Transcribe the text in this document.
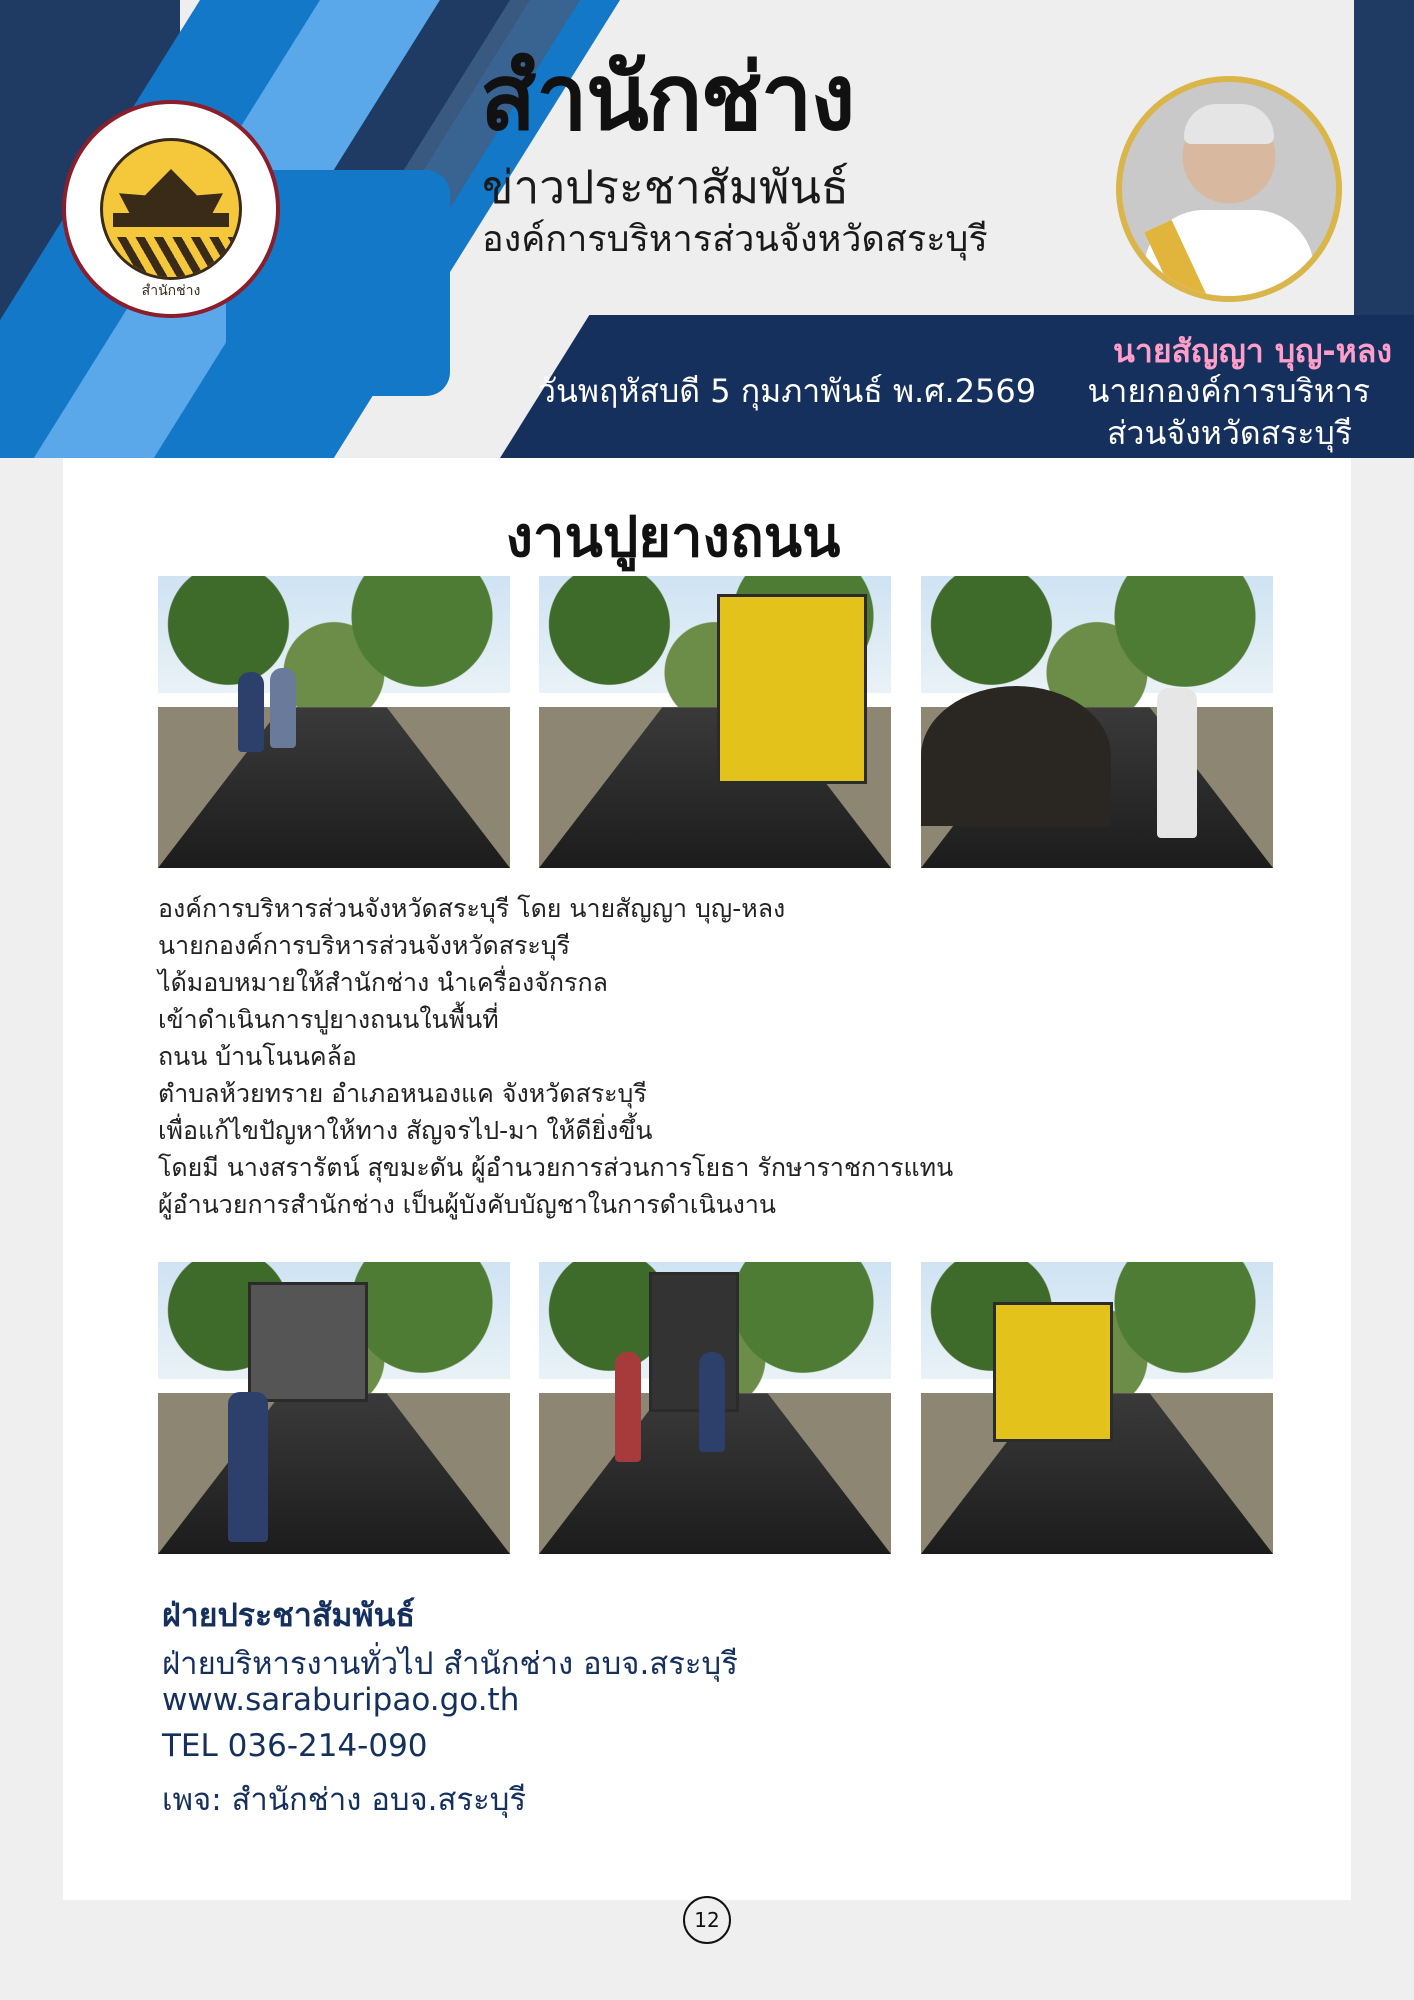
สำนักช่าง
สำนักช่าง
ข่าวประชาสัมพันธ์
องค์การบริหารส่วนจังหวัดสระบุรี
วันพฤหัสบดี 5 กุมภาพันธ์ พ.ศ.2569
นายสัญญา บุญ-หลง
นายกองค์การบริหาร
ส่วนจังหวัดสระบุรี
งานปูยางถนน
องค์การบริหารส่วนจังหวัดสระบุรี โดย นายสัญญา บุญ-หลง
นายกองค์การบริหารส่วนจังหวัดสระบุรี
ได้มอบหมายให้สำนักช่าง นำเครื่องจักรกล
เข้าดำเนินการปูยางถนนในพื้นที่
ถนน บ้านโนนคล้อ
ตำบลห้วยทราย อำเภอหนองแค จังหวัดสระบุรี
เพื่อแก้ไขปัญหาให้ทาง สัญจรไป-มา ให้ดียิ่งขึ้น
โดยมี นางสรารัตน์ สุขมะดัน ผู้อำนวยการส่วนการโยธา รักษาราชการแทน
ผู้อำนวยการสำนักช่าง เป็นผู้บังคับบัญชาในการดำเนินงาน
ฝ่ายประชาสัมพันธ์
ฝ่ายบริหารงานทั่วไป สำนักช่าง อบจ.สระบุรี
www.saraburipao.go.th
TEL 036-214-090
เพจ: สำนักช่าง อบจ.สระบุรี
12
